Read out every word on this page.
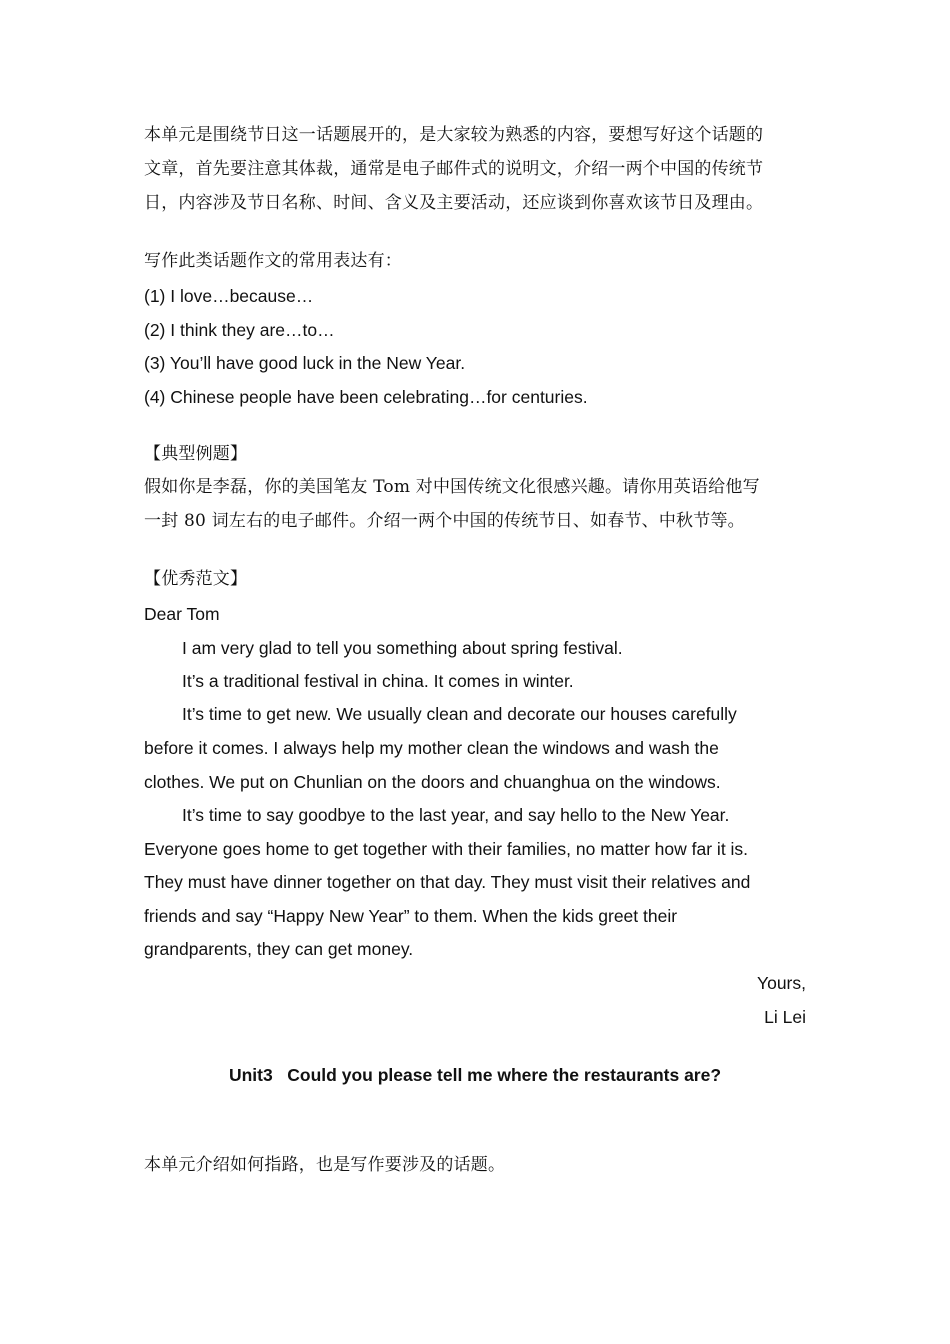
本单元是围绕节日这一话题展开的，是大家较为熟悉的内容，要想写好这个话题的
文章，首先要注意其体裁，通常是电子邮件式的说明文，介绍一两个中国的传统节
日，内容涉及节日名称、时间、含义及主要活动，还应谈到你喜欢该节日及理由。
写作此类话题作文的常用表达有：
(1) I love…because…
(2) I think they are…to…
(3) You’ll have good luck in the New Year.
(4) Chinese people have been celebrating…for centuries.
【典型例题】
假如你是李磊，你的美国笔友 Tom 对中国传统文化很感兴趣。请你用英语给他写
一封 80 词左右的电子邮件。介绍一两个中国的传统节日、如春节、中秋节等。
【优秀范文】
Dear Tom
I am very glad to tell you something about spring festival.
It’s a traditional festival in china. It comes in winter.
It’s time to get new. We usually clean and decorate our houses carefully
before it comes. I always help my mother clean the windows and wash the
clothes. We put on Chunlian on the doors and chuanghua on the windows.
It’s time to say goodbye to the last year, and say hello to the New Year.
Everyone goes home to get together with their families, no matter how far it is.
They must have dinner together on that day. They must visit their relatives and
friends and say “Happy New Year” to them. When the kids greet their
grandparents, they can get money.
Yours,
Li Lei
Unit3   Could you please tell me where the restaurants are?
本单元介绍如何指路，也是写作要涉及的话题。
